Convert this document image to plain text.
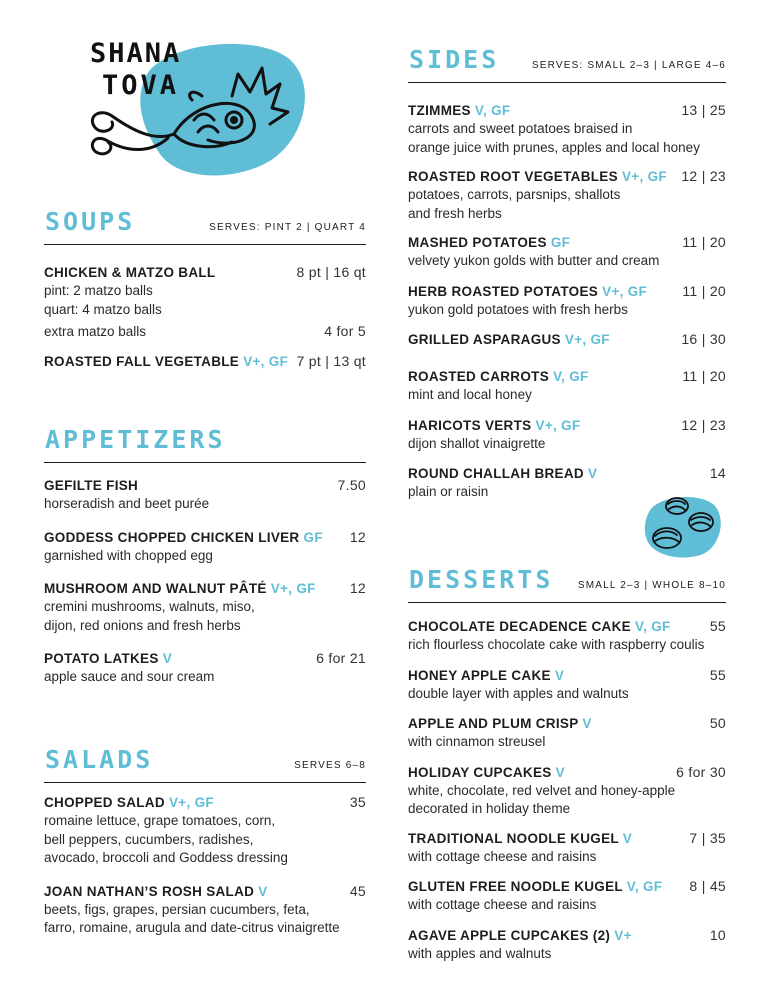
SHANA
TOVA
SOUPS	SERVES: PINT 2 | QUART 4
CHICKEN & MATZO BALL	8 pt | 16 qt
pint: 2 matzo balls
quart: 4 matzo balls
extra matzo balls	4 for 5
ROASTED FALL VEGETABLE V+, GF 7 pt | 13 qt
APPETIZERS
GEFILTE FISH	7.50
horseradish and beet purée
GODDESS CHOPPED CHICKEN LIVER GF	12
garnished with chopped egg
MUSHROOM AND WALNUT PÂTÉ V+, GF	12
cremini mushrooms, walnuts, miso,
dijon, red onions and fresh herbs
POTATO LATKES V	6 for 21
apple sauce and sour cream
SALADS	SERVES 6–8
CHOPPED SALAD V+, GF	35
romaine lettuce, grape tomatoes, corn,
bell peppers, cucumbers, radishes,
avocado, broccoli and Goddess dressing
JOAN NATHAN’S ROSH SALAD V	45
beets, figs, grapes, persian cucumbers, feta,
farro, romaine, arugula and date-citrus vinaigrette
SIDES	SERVES: SMALL 2–3 | LARGE 4–6
TZIMMES V, GF	13 | 25
carrots and sweet potatoes braised in
orange juice with prunes, apples and local honey
ROASTED ROOT VEGETABLES V+, GF	12 | 23
potatoes, carrots, parsnips, shallots
and fresh herbs
MASHED POTATOES GF	11 | 20
velvety yukon golds with butter and cream
HERB ROASTED POTATOES V+, GF	11 | 20
yukon gold potatoes with fresh herbs
GRILLED ASPARAGUS V+, GF	16 | 30
ROASTED CARROTS V, GF	11 | 20
mint and local honey
HARICOTS VERTS V+, GF	12 | 23
dijon shallot vinaigrette
ROUND CHALLAH BREAD V	14
plain or raisin
DESSERTS SMALL 2–3 | WHOLE 8–10
CHOCOLATE DECADENCE CAKE V, GF	55
rich flourless chocolate cake with raspberry coulis
HONEY APPLE CAKE V	55
double layer with apples and walnuts
APPLE AND PLUM CRISP V	50
with cinnamon streusel
HOLIDAY CUPCAKES V	6 for 30
white, chocolate, red velvet and honey-apple
decorated in holiday theme
TRADITIONAL NOODLE KUGEL V	7 | 35
with cottage cheese and raisins
GLUTEN FREE NOODLE KUGEL V, GF	8 | 45
with cottage cheese and raisins
AGAVE APPLE CUPCAKES (2) V+	10
with apples and walnuts
